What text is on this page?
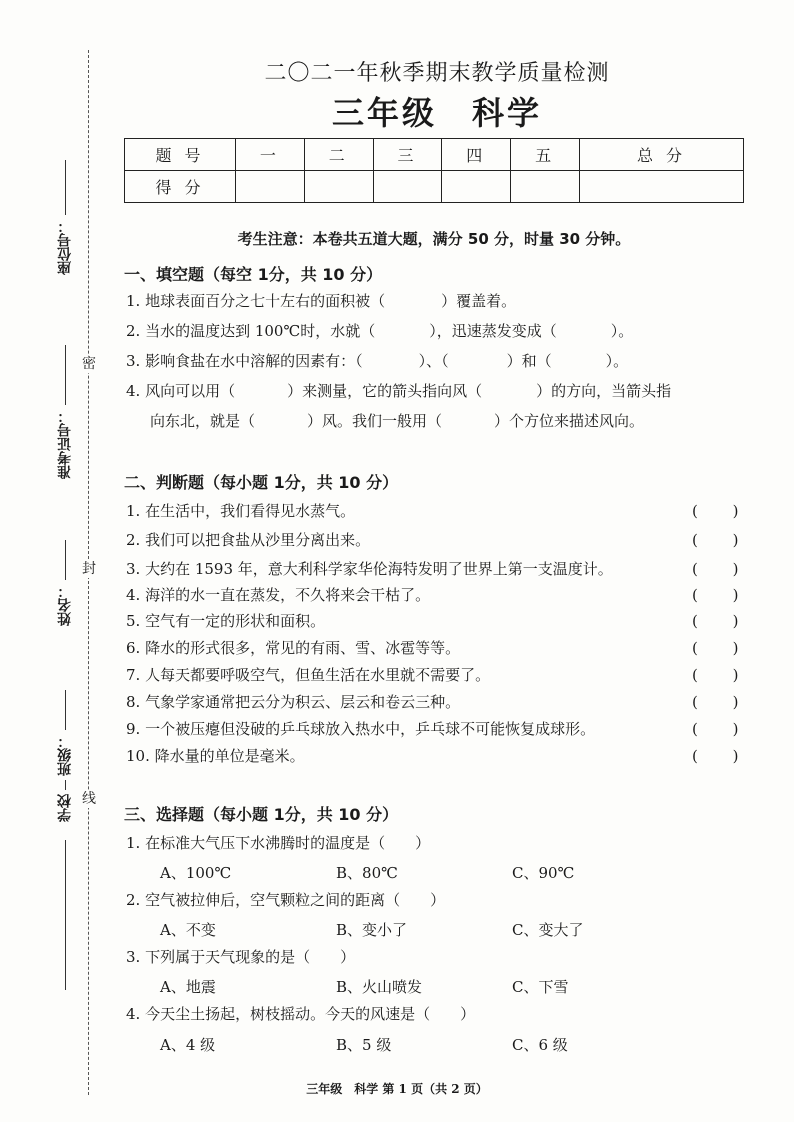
密
封
线
座位号：
准考证号：
姓名：
班级：
学校
二〇二一年秋季期末教学质量检测
三年级　科学
题 号	一	二	三	四	五	总 分
得 分						
考生注意：本卷共五道大题，满分 50 分，时量 30 分钟。
一、填空题（每空 1分，共 10 分）
1. 地球表面百分之七十左右的面积被（	）覆盖着。
2. 当水的温度达到 100℃时，水就（	），迅速蒸发变成（	）。
3. 影响食盐在水中溶解的因素有：（	）、（	）和（	）。
4. 风向可以用（	）来测量，它的箭头指向风（	）的方向，当箭头指
向东北，就是（	）风。我们一般用（	）个方位来描述风向。
二、判断题（每小题 1分，共 10 分）
1. 在生活中，我们看得见水蒸气。	(　　 )
2. 我们可以把食盐从沙里分离出来。	(　　 )
3. 大约在 1593 年，意大利科学家华伦海特发明了世界上第一支温度计。	(　　 )
4. 海洋的水一直在蒸发，不久将来会干枯了。	(　　 )
5. 空气有一定的形状和面积。	(　　 )
6. 降水的形式很多，常见的有雨、雪、冰雹等等。	(　　 )
7. 人每天都要呼吸空气，但鱼生活在水里就不需要了。	(　　 )
8. 气象学家通常把云分为积云、层云和卷云三种。	(　　 )
9. 一个被压瘪但没破的乒乓球放入热水中，乒乓球不可能恢复成球形。	(　　 )
10. 降水量的单位是毫米。	(　　 )
三、选择题（每小题 1分，共 10 分）
1. 在标准大气压下水沸腾时的温度是（　　）
A、100℃	B、80℃	C、90℃
2. 空气被拉伸后，空气颗粒之间的距离（　　）
A、不变	B、变小了	C、变大了
3. 下列属于天气现象的是（　　）
A、地震	B、火山喷发	C、下雪
4. 今天尘土扬起，树枝摇动。今天的风速是（　　）
A、4 级	B、5 级	C、6 级
三年级　科学 第 1 页（共 2 页）
